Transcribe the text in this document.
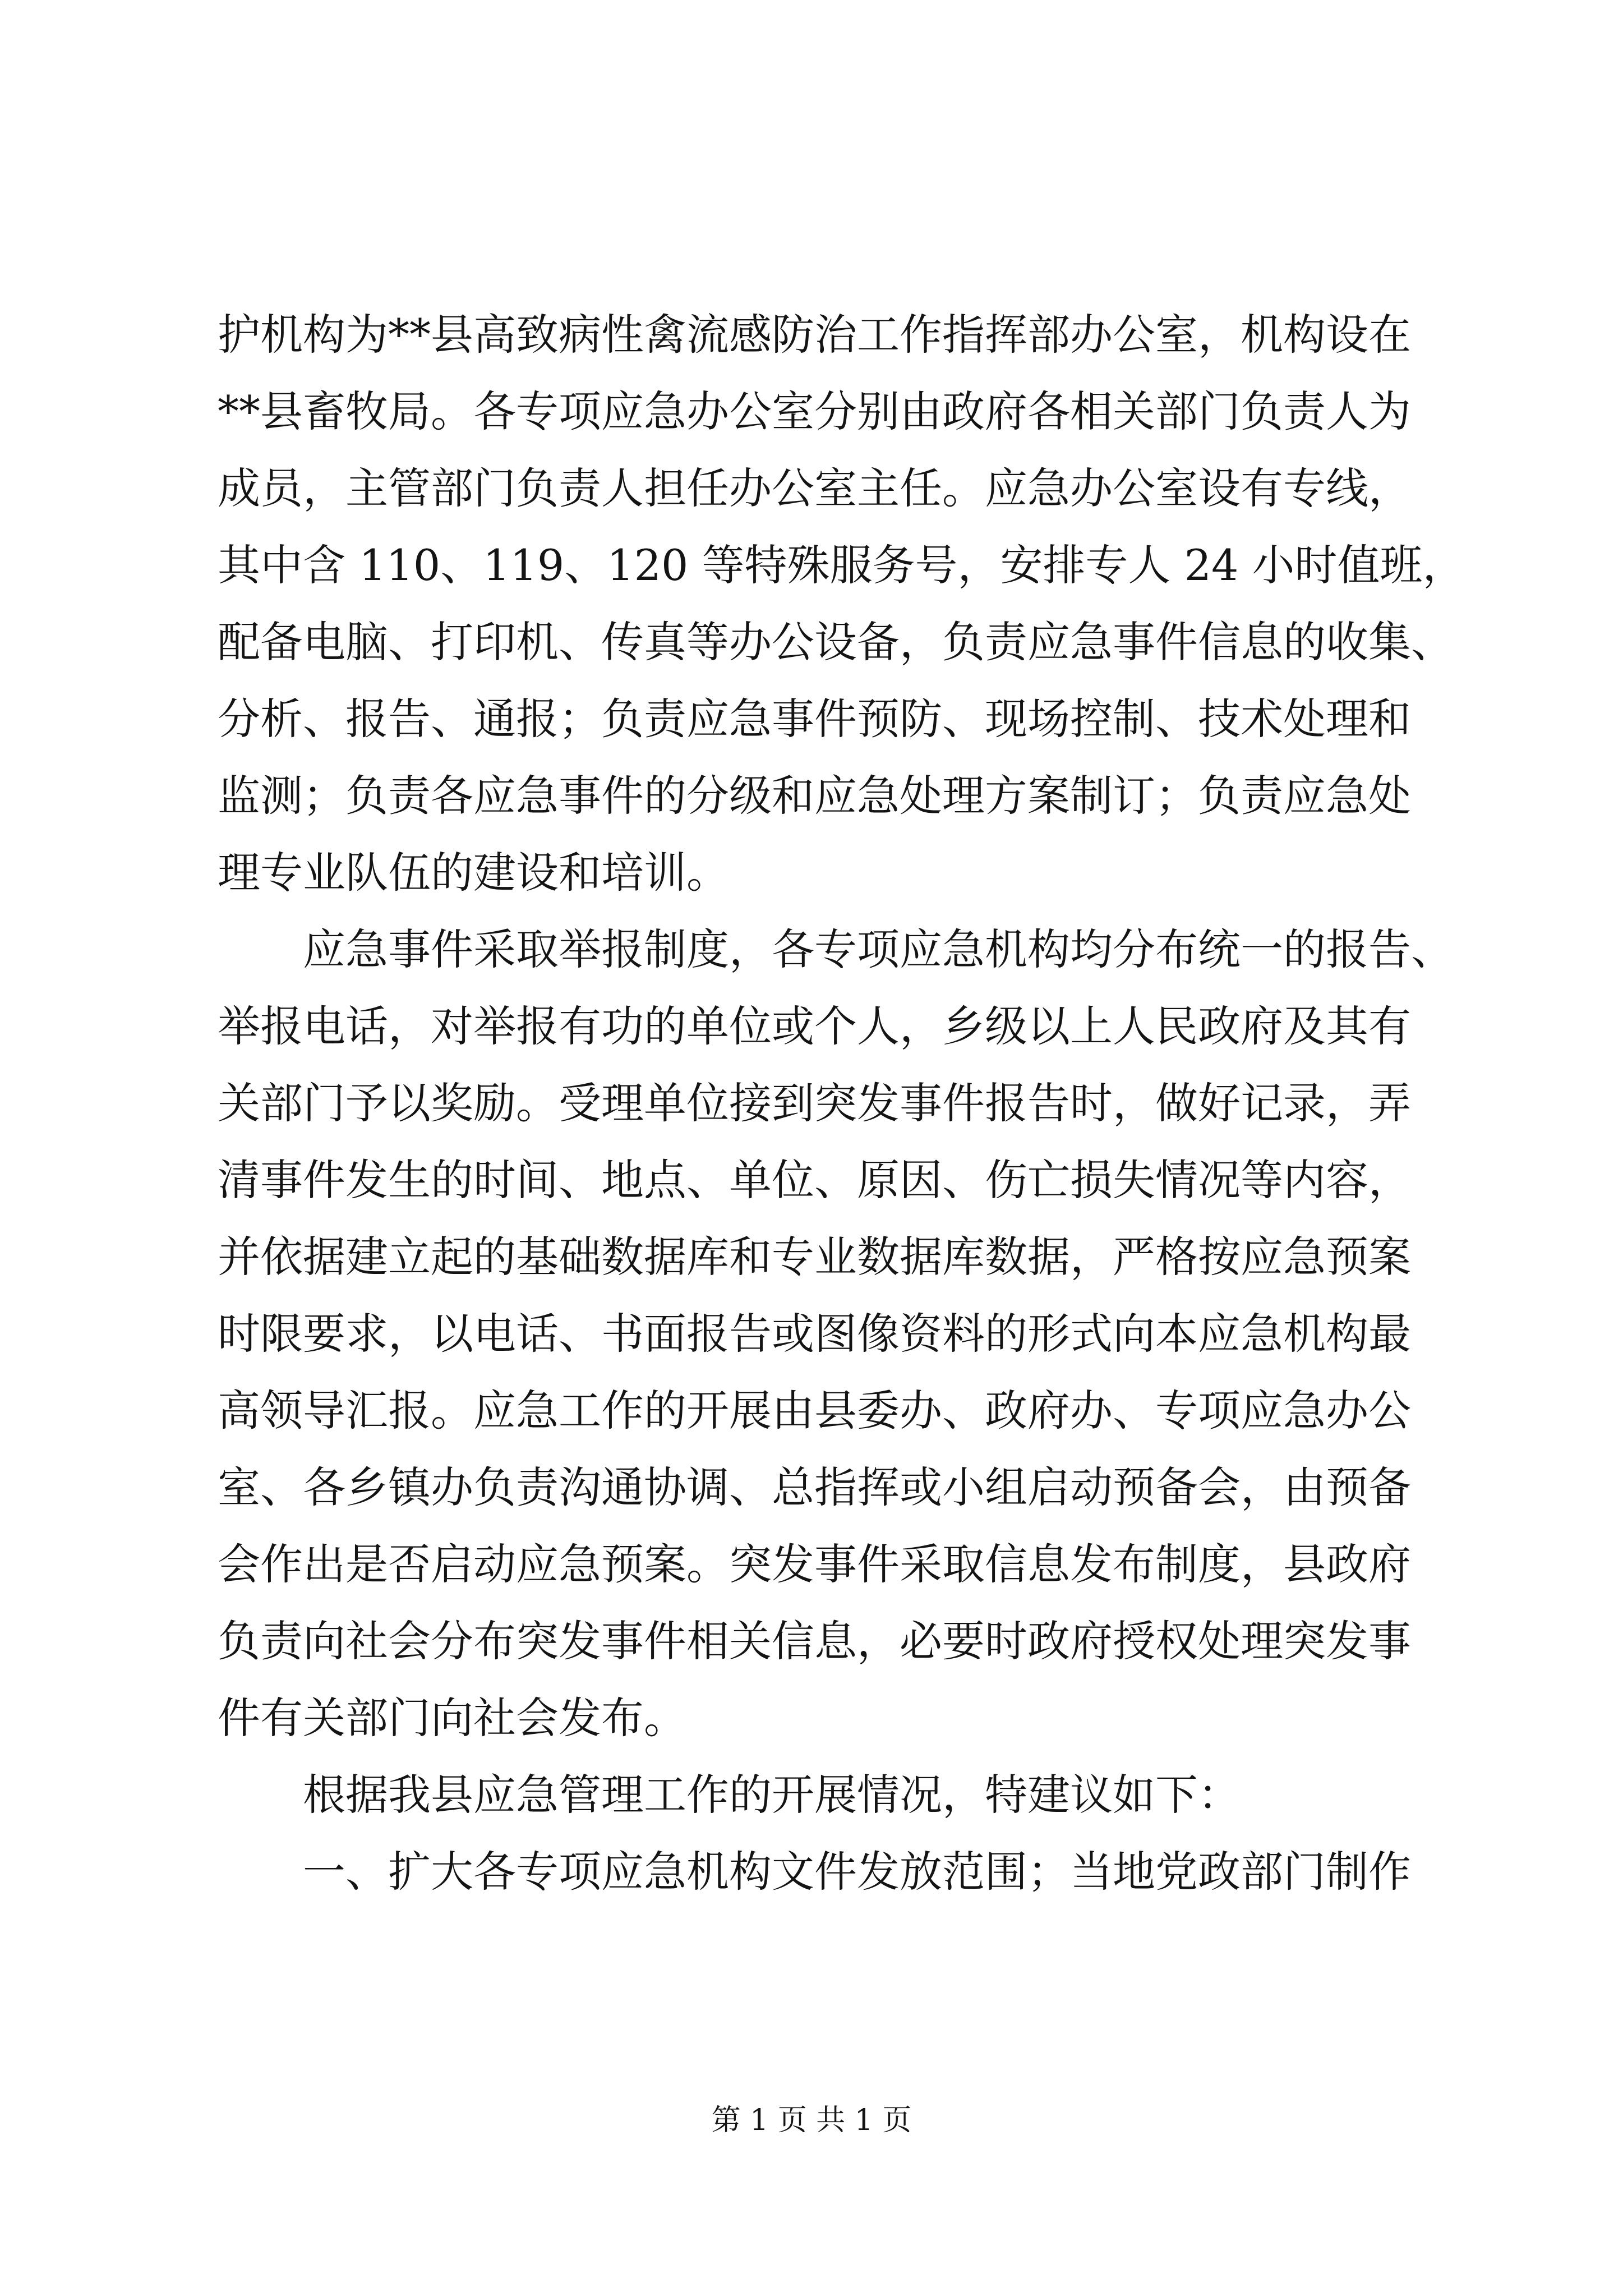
护机构为**县高致病性禽流感防治工作指挥部办公室，机构设在
**县畜牧局。各专项应急办公室分别由政府各相关部门负责人为
成员，主管部门负责人担任办公室主任。应急办公室设有专线，
其中含 110、119、120 等特殊服务号，安排专人 24 小时值班，
配备电脑、打印机、传真等办公设备，负责应急事件信息的收集、
分析、报告、通报；负责应急事件预防、现场控制、技术处理和
监测；负责各应急事件的分级和应急处理方案制订；负责应急处
理专业队伍的建设和培训。
　　应急事件采取举报制度，各专项应急机构均分布统一的报告、
举报电话，对举报有功的单位或个人，乡级以上人民政府及其有
关部门予以奖励。受理单位接到突发事件报告时，做好记录，弄
清事件发生的时间、地点、单位、原因、伤亡损失情况等内容，
并依据建立起的基础数据库和专业数据库数据，严格按应急预案
时限要求，以电话、书面报告或图像资料的形式向本应急机构最
高领导汇报。应急工作的开展由县委办、政府办、专项应急办公
室、各乡镇办负责沟通协调、总指挥或小组启动预备会，由预备
会作出是否启动应急预案。突发事件采取信息发布制度，县政府
负责向社会分布突发事件相关信息，必要时政府授权处理突发事
件有关部门向社会发布。
　　根据我县应急管理工作的开展情况，特建议如下：
　　一、扩大各专项应急机构文件发放范围；当地党政部门制作
第 1 页 共 1 页
